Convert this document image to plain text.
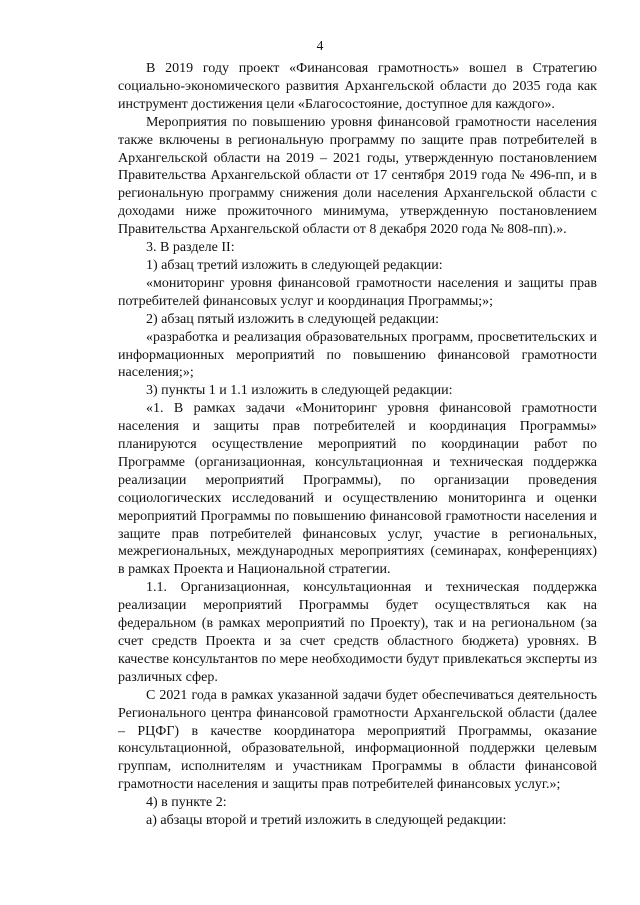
4

В 2019 году проект «Финансовая грамотность» вошел в Стратегию социально-экономического развития Архангельской области до 2035 года как инструмент достижения цели «Благосостояние, доступное для каждого».

Мероприятия по повышению уровня финансовой грамотности населения также включены в региональную программу по защите прав потребителей в Архангельской области на 2019 – 2021 годы, утвержденную постановлением Правительства Архангельской области от 17 сентября 2019 года № 496-пп, и в региональную программу снижения доли населения Архангельской области с доходами ниже прожиточного минимума, утвержденную постановлением Правительства Архангельской области от 8 декабря 2020 года № 808-пп).».

3. В разделе II:

1) абзац третий изложить в следующей редакции:

«мониторинг уровня финансовой грамотности населения и защиты прав потребителей финансовых услуг и координация Программы;»;

2) абзац пятый изложить в следующей редакции:

«разработка и реализация образовательных программ, просветительских и информационных мероприятий по повышению финансовой грамотности населения;»;

3) пункты 1 и 1.1 изложить в следующей редакции:

«1. В рамках задачи «Мониторинг уровня финансовой грамотности населения и защиты прав потребителей и координация Программы» планируются осуществление мероприятий по координации работ по Программе (организационная, консультационная и техническая поддержка реализации мероприятий Программы), по организации проведения социологических исследований и осуществлению мониторинга и оценки мероприятий Программы по повышению финансовой грамотности населения и защите прав потребителей финансовых услуг, участие в региональных, межрегиональных, международных мероприятиях (семинарах, конференциях) в рамках Проекта и Национальной стратегии.

1.1. Организационная, консультационная и техническая поддержка реализации мероприятий Программы будет осуществляться как на федеральном (в рамках мероприятий по Проекту), так и на региональном (за счет средств Проекта и за счет средств областного бюджета) уровнях. В качестве консультантов по мере необходимости будут привлекаться эксперты из различных сфер.

С 2021 года в рамках указанной задачи будет обеспечиваться деятельность Регионального центра финансовой грамотности Архангельской области (далее – РЦФГ) в качестве координатора мероприятий Программы, оказание консультационной, образовательной, информационной поддержки целевым группам, исполнителям и участникам Программы в области финансовой грамотности населения и защиты прав потребителей финансовых услуг.»;

4) в пункте 2:

а) абзацы второй и третий изложить в следующей редакции:
